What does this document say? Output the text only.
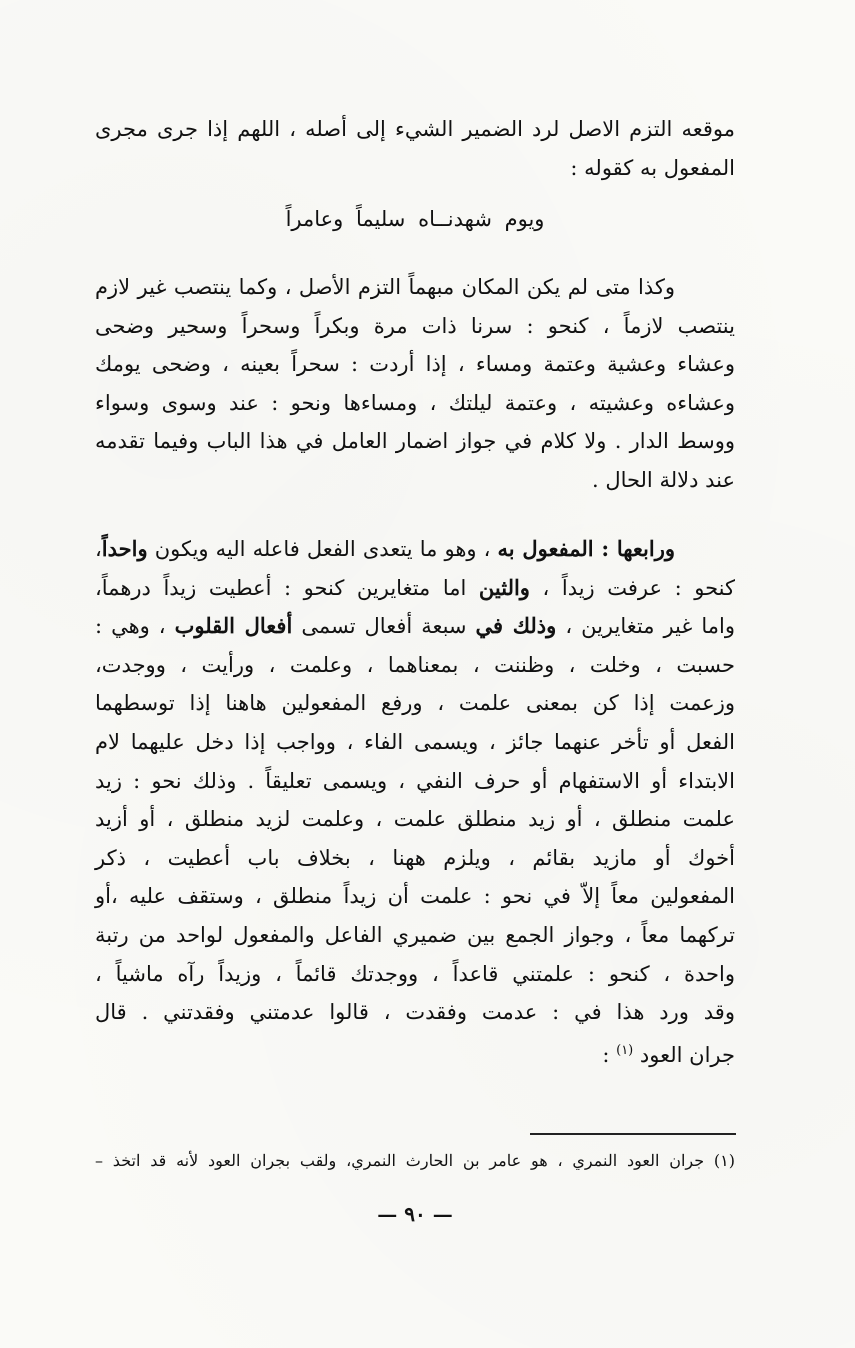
موقعه التزم الاصل لرد الضمير الشيء إلى أصله ، اللهم إذا جرى مجرى
المفعول به كقوله :
ويوم شهدنــاه سليماً وعامراً
وكذا متى لم يكن المكان مبهماً التزم الأصل ، وكما ينتصب غير لازم
ينتصب لازماً ، كنحو : سرنا ذات مرة وبكراً وسحراً وسحير وضحى
وعشاء وعشية وعتمة ومساء ، إذا أردت : سحراً بعينه ، وضحى يومك
وعشاءه وعشيته ، وعتمة ليلتك ، ومساءها ونحو : عند وسوى وسواء
ووسط الدار . ولا كلام في جواز اضمار العامل في هذا الباب وفيما تقدمه
عند دلالة الحال .
ورابعها : المفعول به ، وهو ما يتعدى الفعل فاعله اليه ويكون واحداً،
كنحو : عرفت زيداً ، والثين اما متغايرين كنحو : أعطيت زيداً درهماً،
واما غير متغايرين ، وذلك في سبعة أفعال تسمى أفعال القلوب ، وهي :
حسبت ، وخلت ، وظننت ، بمعناهما ، وعلمت ، ورأيت ، ووجدت،
وزعمت إذا كن بمعنى علمت ، ورفع المفعولين هاهنا إذا توسطهما
الفعل أو تأخر عنهما جائز ، ويسمى الفاء ، وواجب إذا دخل عليهما لام
الابتداء أو الاستفهام أو حرف النفي ، ويسمى تعليقاً . وذلك نحو : زيد
علمت منطلق ، أو زيد منطلق علمت ، وعلمت لزيد منطلق ، أو أزيد
أخوك أو مازيد بقائم ، ويلزم ههنا ، بخلاف باب أعطيت ، ذكر
المفعولين معاً إلاّ في نحو : علمت أن زيداً منطلق ، وستقف عليه ،أو
تركهما معاً ، وجواز الجمع بين ضميري الفاعل والمفعول لواحد من رتبة
واحدة ، كنحو : علمتني قاعداً ، ووجدتك قائماً ، وزيداً رآه ماشياً ،
وقد ورد هذا في : عدمت وفقدت ، قالوا عدمتني وفقدتني . قال
جران العود $^{(١)}$ :
(١) جران العود النمري ، هو عامر بن الحارث النمري، ولقب بجران العود لأنه قد اتخذ –
— ٩٠ —
